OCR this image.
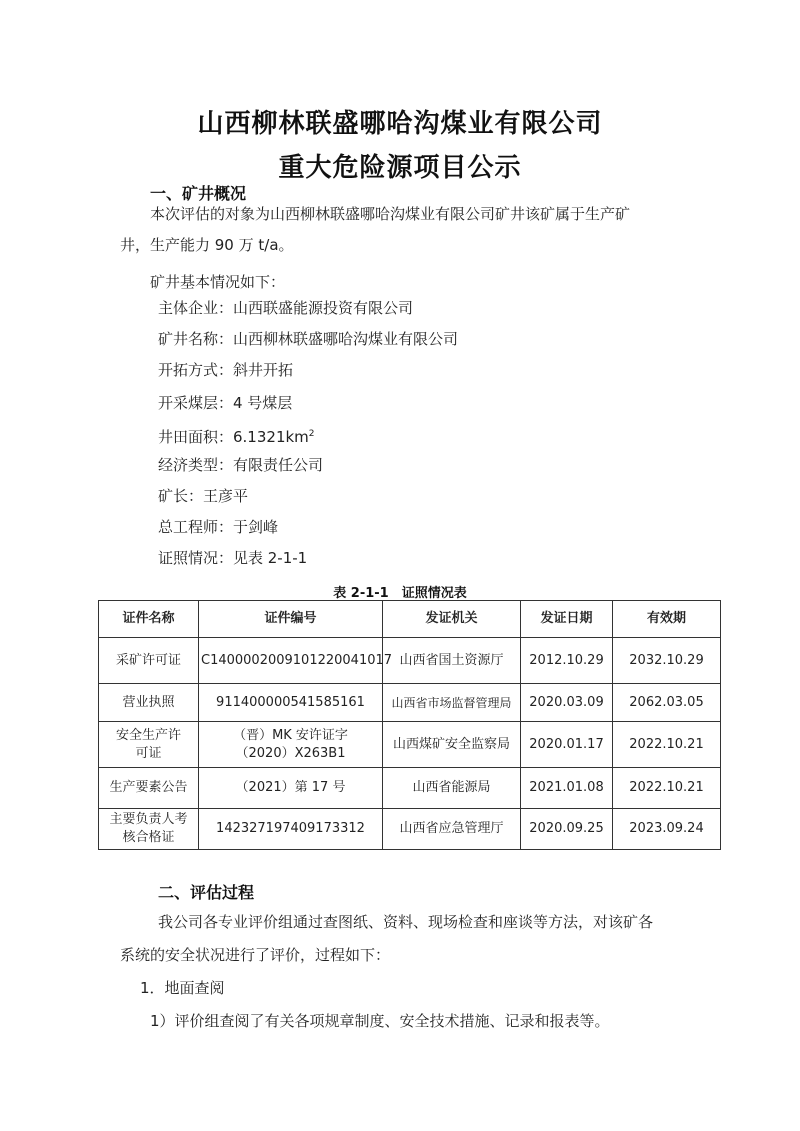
山西柳林联盛哪哈沟煤业有限公司
重大危险源项目公示
一、矿井概况
本次评估的对象为山西柳林联盛哪哈沟煤业有限公司矿井该矿属于生产矿
井，生产能力 90 万 t/a。
矿井基本情况如下：
主体企业：山西联盛能源投资有限公司
矿井名称：山西柳林联盛哪哈沟煤业有限公司
开拓方式：斜井开拓
开采煤层：4 号煤层
井田面积：$6.1321km^2$
经济类型：有限责任公司
矿长：王彦平
总工程师：于剑峰
证照情况：见表 2-1-1
表 2-1-1　证照情况表
证件名称	证件编号	发证机关	发证日期	有效期
采矿许可证	C1400002009101220041017	山西省国土资源厅	2012.10.29	2032.10.29
营业执照	911400000541585161	山西省市场监督管理局	2020.03.09	2062.03.05
安全生产许可证	（晋）MK 安许证字（2020）X263B1	山西煤矿安全监察局	2020.01.17	2022.10.21
生产要素公告	（2021）第 17 号	山西省能源局	2021.01.08	2022.10.21
主要负责人考核合格证	142327197409173312	山西省应急管理厅	2020.09.25	2023.09.24
二、评估过程
我公司各专业评价组通过查图纸、资料、现场检查和座谈等方法，对该矿各
系统的安全状况进行了评价，过程如下：
1．地面查阅
1）评价组查阅了有关各项规章制度、安全技术措施、记录和报表等。
